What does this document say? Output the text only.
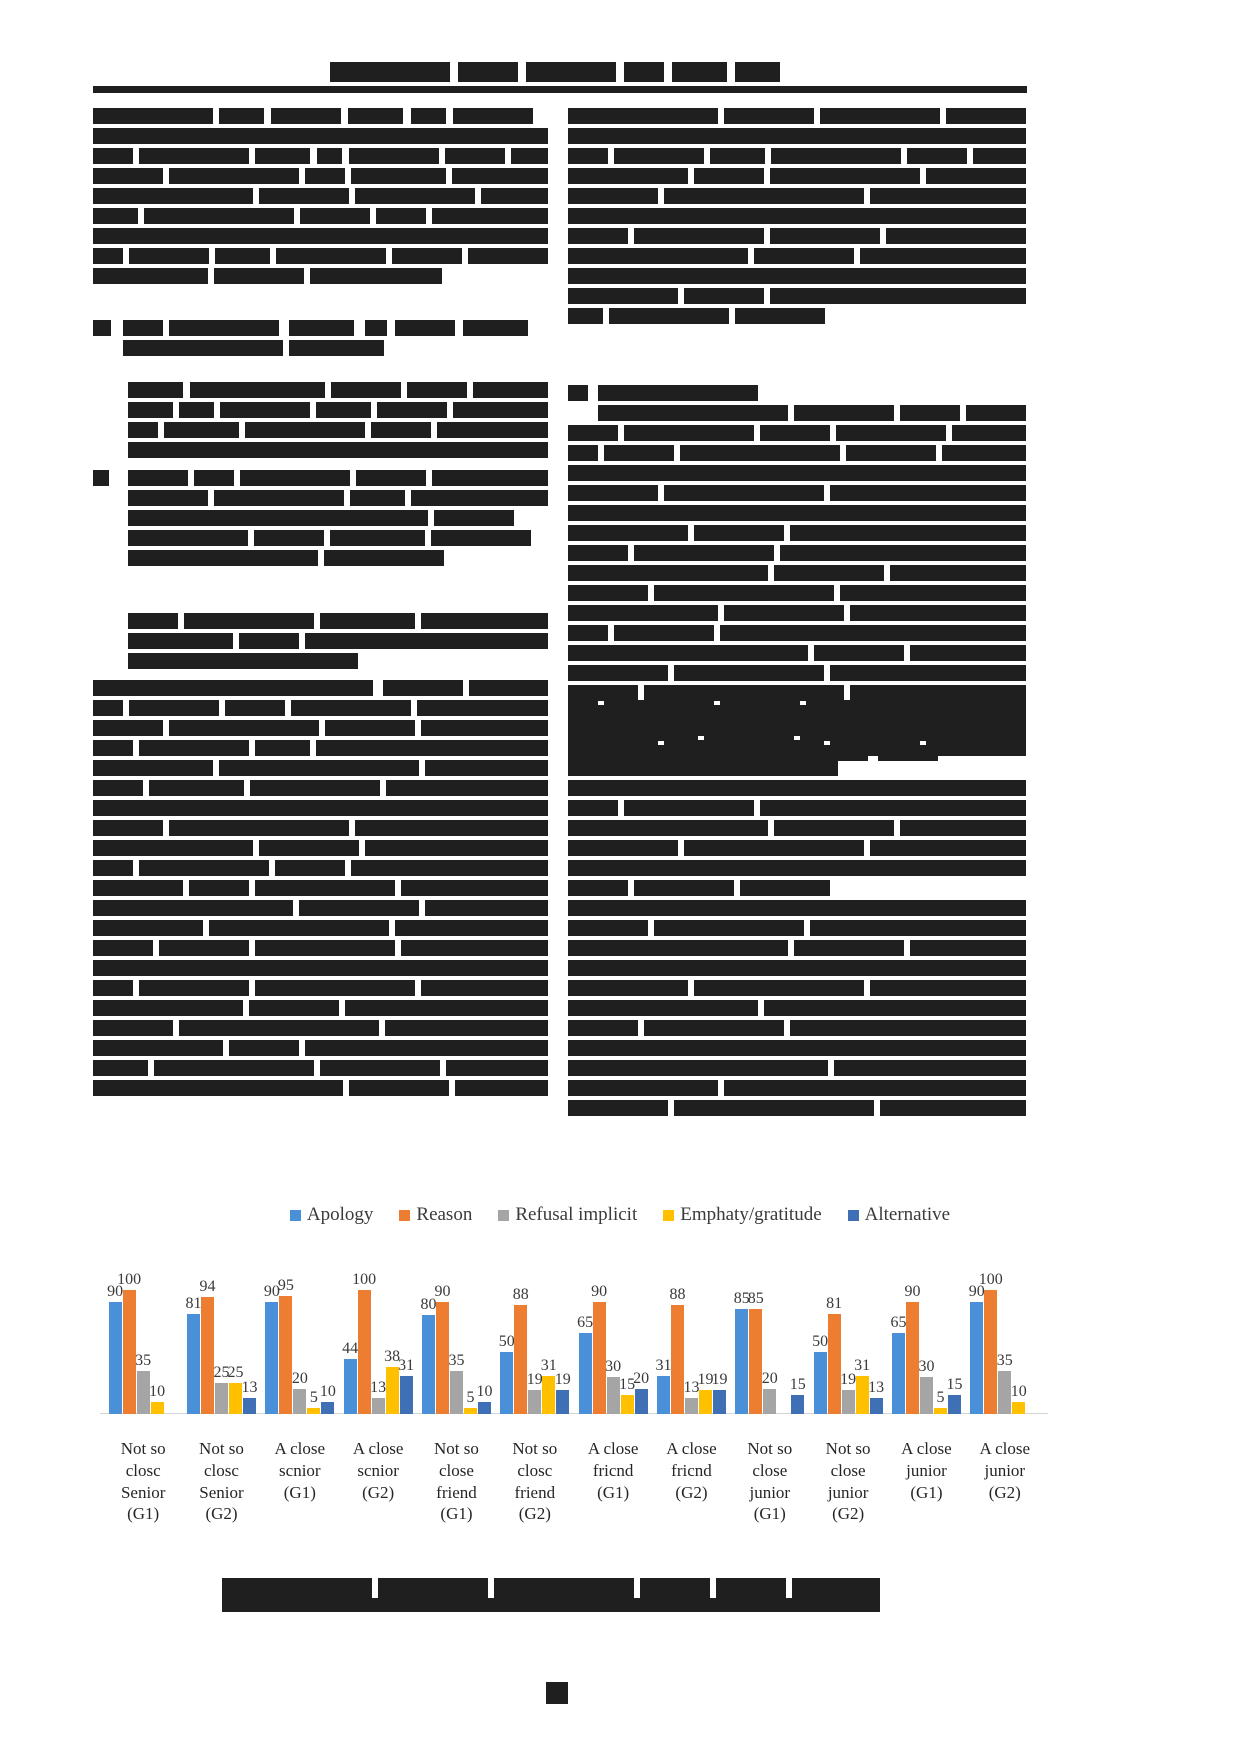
Apology Reason Refusal implicit Emphaty/gratitude Alternative
90
100
35
10
81
94
25
25
13
90
95
20
5 10
44
100
13
38
31
80
90
35
5 10
50
88
19
31
19
65
90
30
15
20
31
88
13
19
19
85
85
20 15
50
81
19
31
13
65
90
30
5
15
90
100
35
10
Not so
closc
Senior
(G1)
Not so
closc
Senior
(G2)
A close
scnior
(G1)
A close
scnior
(G2)
Not so
close
friend
(G1)
Not so
closc
friend
(G2)
A close
fricnd
(G1)
A close
fricnd
(G2)
Not so
close
junior
(G1)
Not so
close
junior
(G2)
A close
junior
(G1)
A close
junior
(G2)
